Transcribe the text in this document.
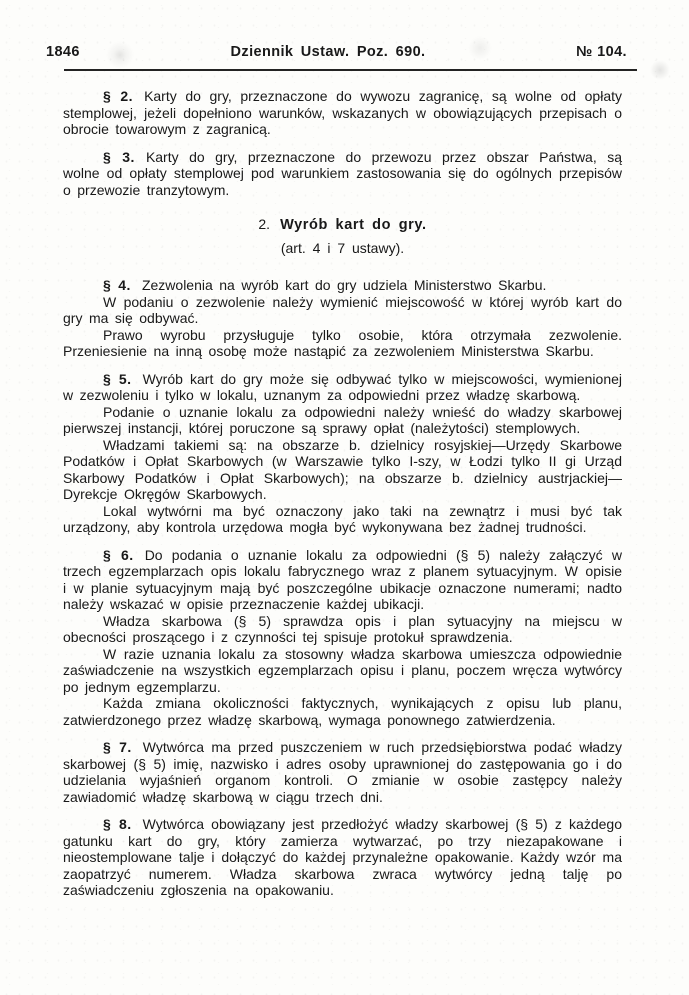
1846	Dziennik Ustaw. Poz. 690.	№ 104.

§ 2. Karty do gry, przeznaczone do wywozu zagranicę, są wolne od opłaty stemplowej, jeżeli dopełniono warunków, wskazanych w obowiązujących przepisach o obrocie towarowym z zagranicą.

§ 3. Karty do gry, przeznaczone do przewozu przez obszar Państwa, są wolne od opłaty stemplowej pod warunkiem zastosowania się do ogólnych przepisów o przewozie tranzytowym.

2. Wyrób kart do gry.
(art. 4 i 7 ustawy).

§ 4. Zezwolenia na wyrób kart do gry udziela Ministerstwo Skarbu.

W podaniu o zezwolenie należy wymienić miejscowość w której wyrób kart do gry ma się odbywać.

Prawo wyrobu przysługuje tylko osobie, która otrzymała zezwolenie. Przeniesienie na inną osobę może nastąpić za zezwoleniem Ministerstwa Skarbu.

§ 5. Wyrób kart do gry może się odbywać tylko w miejscowości, wymienionej w zezwoleniu i tylko w lokalu, uznanym za odpowiedni przez władzę skarbową.

Podanie o uznanie lokalu za odpowiedni należy wnieść do władzy skarbowej pierwszej instancji, której poruczone są sprawy opłat (należytości) stemplowych.

Władzami takiemi są: na obszarze b. dzielnicy rosyjskiej—Urzędy Skarbowe Podatków i Opłat Skarbowych (w Warszawie tylko I-szy, w Łodzi tylko II gi Urząd Skarbowy Podatków i Opłat Skarbowych); na obszarze b. dzielnicy austrjackiej—Dyrekcje Okręgów Skarbowych.

Lokal wytwórni ma być oznaczony jako taki na zewnątrz i musi być tak urządzony, aby kontrola urzędowa mogła być wykonywana bez żadnej trudności.

§ 6. Do podania o uznanie lokalu za odpowiedni (§ 5) należy załączyć w trzech egzemplarzach opis lokalu fabrycznego wraz z planem sytuacyjnym. W opisie i w planie sytuacyjnym mają być poszczególne ubikacje oznaczone numerami; nadto należy wskazać w opisie przeznaczenie każdej ubikacji.

Władza skarbowa (§ 5) sprawdza opis i plan sytuacyjny na miejscu w obecności proszącego i z czynności tej spisuje protokuł sprawdzenia.

W razie uznania lokalu za stosowny władza skarbowa umieszcza odpowiednie zaświadczenie na wszystkich egzemplarzach opisu i planu, poczem wręcza wytwórcy po jednym egzemplarzu.

Każda zmiana okoliczności faktycznych, wynikających z opisu lub planu, zatwierdzonego przez władzę skarbową, wymaga ponownego zatwierdzenia.

§ 7. Wytwórca ma przed puszczeniem w ruch przedsiębiorstwa podać władzy skarbowej (§ 5) imię, nazwisko i adres osoby uprawnionej do zastępowania go i do udzielania wyjaśnień organom kontroli. O zmianie w osobie zastępcy należy zawiadomić władzę skarbową w ciągu trzech dni.

§ 8. Wytwórca obowiązany jest przedłożyć władzy skarbowej (§ 5) z każdego gatunku kart do gry, który zamierza wytwarzać, po trzy niezapakowane i nieostemplowane talje i dołączyć do każdej przynależne opakowanie. Każdy wzór ma zaopatrzyć numerem. Władza skarbowa zwraca wytwórcy jedną talję po zaświadczeniu zgłoszenia na opakowaniu.
